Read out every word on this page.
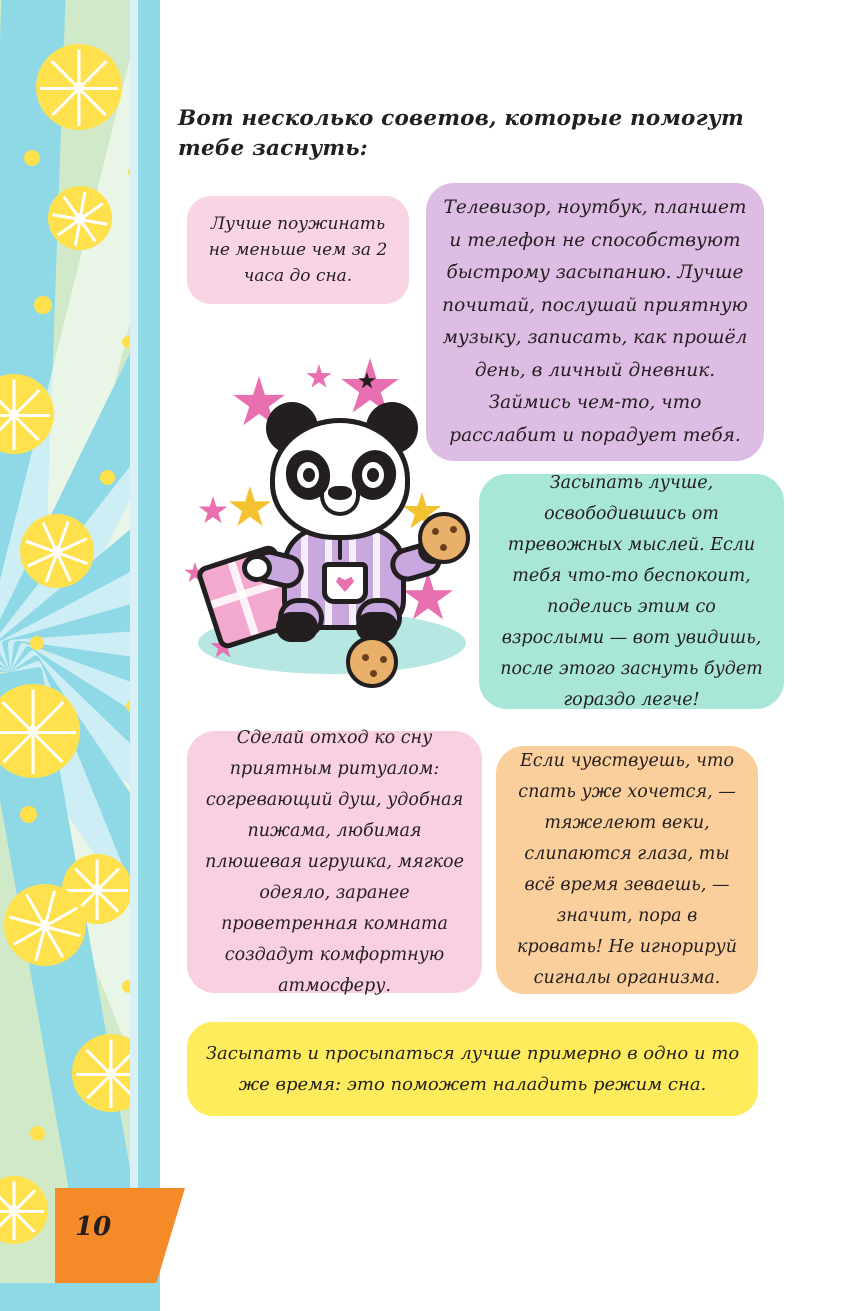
Вот несколько советов, которые помогут тебе заснуть:
Лучше поужинать не меньше чем за 2 часа до сна.
Телевизор, ноутбук, планшет и телефон не способствуют быстрому засыпанию. Лучше почитай, послушай приятную музыку, записать, как прошёл день, в личный дневник. Займись чем-то, что расслабит и порадует тебя.
Засыпать лучше, освободившись от тревожных мыслей. Если тебя что-то беспокоит, поделись этим со взрослыми — вот увидишь, после этого заснуть будет гораздо легче!
Сделай отход ко сну приятным ритуалом: согревающий душ, удобная пижама, любимая плюшевая игрушка, мягкое одеяло, заранее проветренная комната создадут комфортную атмосферу.
Если чувствуешь, что спать уже хочется, — тяжелеют веки, слипаются глаза, ты всё время зеваешь, — значит, пора в кровать! Не игнорируй сигналы организма.
Засыпать и просыпаться лучше примерно в одно и то же время: это поможет наладить режим сна.
10
